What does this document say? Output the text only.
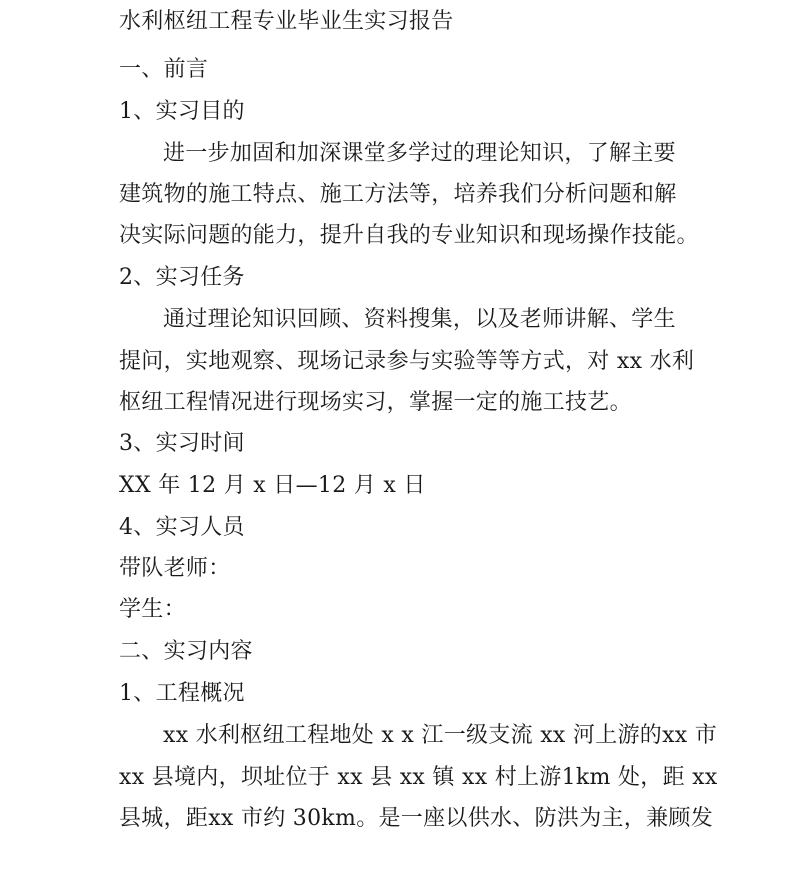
水利枢纽工程专业毕业生实习报告
一、前言
1、实习目的
进一步加固和加深课堂多学过的理论知识，了解主要
建筑物的施工特点、施工方法等，培养我们分析问题和解
决实际问题的能力，提升自我的专业知识和现场操作技能。
2、实习任务
通过理论知识回顾、资料搜集，以及老师讲解、学生
提问，实地观察、现场记录参与实验等等方式，对 xx 水利
枢纽工程情况进行现场实习，掌握一定的施工技艺。
3、实习时间
XX 年 12 月 x 日—12 月 x 日
4、实习人员
带队老师：
学生：
二、实习内容
1、工程概况
xx 水利枢纽工程地处 x x 江一级支流 xx 河上游的xx 市
xx 县境内，坝址位于 xx 县 xx 镇 xx 村上游1km 处，距 xx
县城，距xx 市约 30km。是一座以供水、防洪为主，兼顾发
